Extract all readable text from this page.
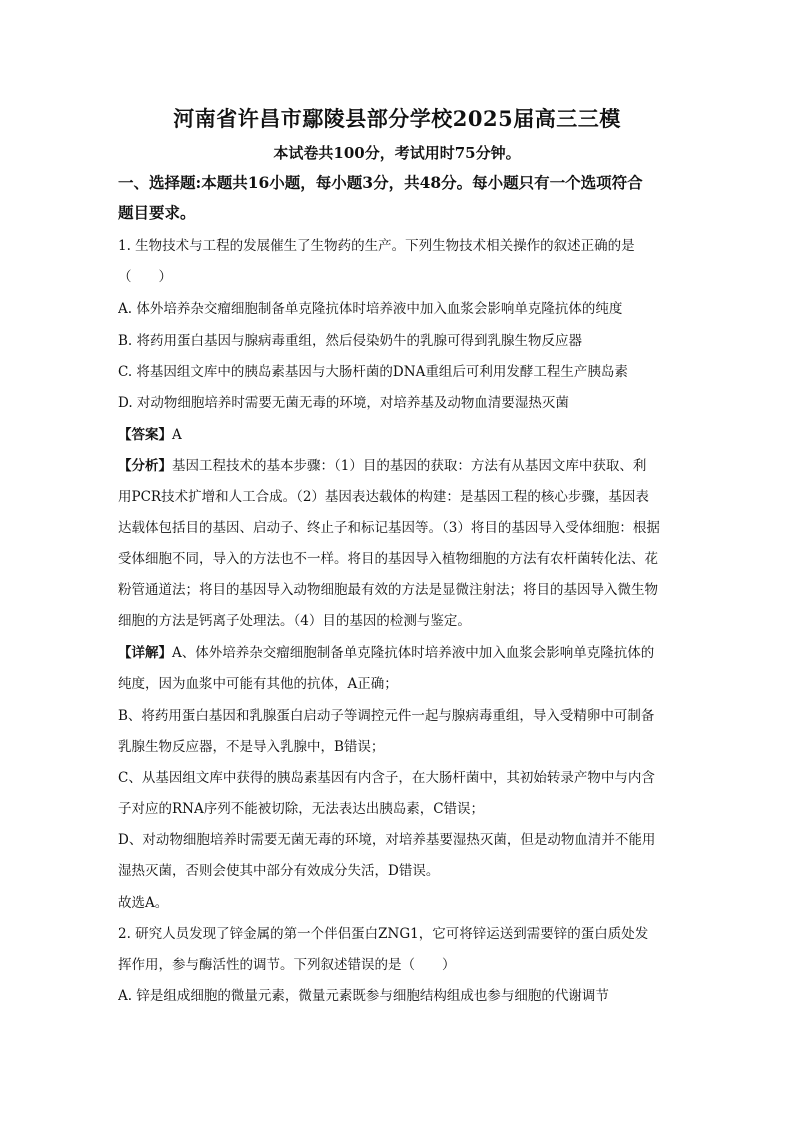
河南省许昌市鄢陵县部分学校2025届高三三模
本试卷共100分，考试用时75分钟。
一、选择题:本题共16小题，每小题3分，共48分。每小题只有一个选项符合
题目要求。
1. 生物技术与工程的发展催生了生物药的生产。下列生物技术相关操作的叙述正确的是
（　　）
A. 体外培养杂交瘤细胞制备单克隆抗体时培养液中加入血浆会影响单克隆抗体的纯度
B. 将药用蛋白基因与腺病毒重组，然后侵染奶牛的乳腺可得到乳腺生物反应器
C. 将基因组文库中的胰岛素基因与大肠杆菌的DNA重组后可利用发酵工程生产胰岛素
D. 对动物细胞培养时需要无菌无毒的环境，对培养基及动物血清要湿热灭菌
【答案】A
【分析】基因工程技术的基本步骤：（1）目的基因的获取：方法有从基因文库中获取、利
用PCR技术扩增和人工合成。（2）基因表达载体的构建：是基因工程的核心步骤，基因表
达载体包括目的基因、启动子、终止子和标记基因等。（3）将目的基因导入受体细胞：根据
受体细胞不同，导入的方法也不一样。将目的基因导入植物细胞的方法有农杆菌转化法、花
粉管通道法；将目的基因导入动物细胞最有效的方法是显微注射法；将目的基因导入微生物
细胞的方法是钙离子处理法。（4）目的基因的检测与鉴定。
【详解】A、体外培养杂交瘤细胞制备单克隆抗体时培养液中加入血浆会影响单克隆抗体的
纯度，因为血浆中可能有其他的抗体，A正确；
B、将药用蛋白基因和乳腺蛋白启动子等调控元件一起与腺病毒重组，导入受精卵中可制备
乳腺生物反应器，不是导入乳腺中，B错误；
C、从基因组文库中获得的胰岛素基因有内含子，在大肠杆菌中，其初始转录产物中与内含
子对应的RNA序列不能被切除，无法表达出胰岛素，C错误；
D、对动物细胞培养时需要无菌无毒的环境，对培养基要湿热灭菌，但是动物血清并不能用
湿热灭菌，否则会使其中部分有效成分失活，D错误。
故选A。
2. 研究人员发现了锌金属的第一个伴侣蛋白ZNG1，它可将锌运送到需要锌的蛋白质处发
挥作用，参与酶活性的调节。下列叙述错误的是（　　）
A. 锌是组成细胞的微量元素，微量元素既参与细胞结构组成也参与细胞的代谢调节
